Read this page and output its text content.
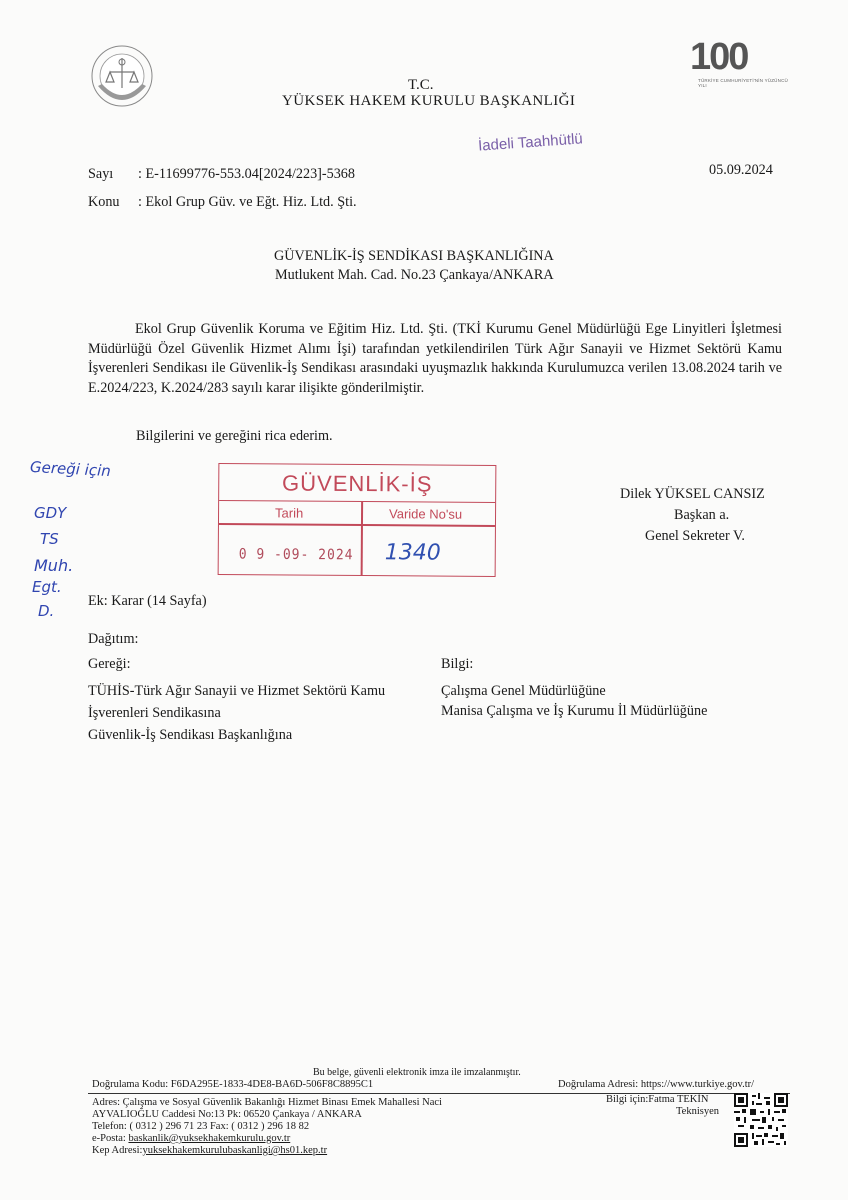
100
TÜRKİYE CUMHURİYETİ'NİN YÜZÜNCÜ YILI
T.C.
YÜKSEK HAKEM KURULU BAŞKANLIĞI
İadeli Taahhütlü
Sayı : E-11699776-553.04[2024/223]-5368	05.09.2024
Konu : Ekol Grup Güv. ve Eğt. Hiz. Ltd. Şti.
GÜVENLİK-İŞ SENDİKASI BAŞKANLIĞINA
Mutlukent Mah. Cad. No.23 Çankaya/ANKARA
Ekol Grup Güvenlik Koruma ve Eğitim Hiz. Ltd. Şti. (TKİ Kurumu Genel Müdürlüğü Ege Linyitleri İşletmesi Müdürlüğü Özel Güvenlik Hizmet Alımı İşi) tarafından yetkilendirilen Türk Ağır Sanayii ve Hizmet Sektörü Kamu İşverenleri Sendikası ile Güvenlik-İş Sendikası arasındaki uyuşmazlık hakkında Kurulumuzca verilen 13.08.2024 tarih ve E.2024/223, K.2024/283 sayılı karar ilişikte gönderilmiştir.
Bilgilerini ve gereğini rica ederim.
Gereği için
GDY
TS
Muh.
Egt.
D.
GÜVENLİK-İŞ
Tarih	Varide No'su
0 9 -09- 2024 1340
Dilek YÜKSEL CANSIZ
Başkan a.
Genel Sekreter V.
Ek: Karar (14 Sayfa)
Dağıtım:
Gereği:
TÜHİS-Türk Ağır Sanayii ve Hizmet Sektörü Kamu
İşverenleri Sendikasına
Güvenlik-İş Sendikası Başkanlığına
Bilgi:
Çalışma Genel Müdürlüğüne
Manisa Çalışma ve İş Kurumu İl Müdürlüğüne
Bu belge, güvenli elektronik imza ile imzalanmıştır.
Doğrulama Kodu: F6DA295E-1833-4DE8-BA6D-506F8C8895C1	Doğrulama Adresi: https://www.turkiye.gov.tr/
Adres: Çalışma ve Sosyal Güvenlik Bakanlığı Hizmet Binası Emek Mahallesi Naci
AYVALIOĞLU Caddesi No:13 Pk: 06520 Çankaya / ANKARA
Telefon: ( 0312 ) 296 71 23 Fax: ( 0312 ) 296 18 82
e-Posta: baskanlik@yuksekhakemkurulu.gov.tr
Kep Adresi:yuksekhakemkurulubaskanligi@hs01.kep.tr
Bilgi için:Fatma TEKİN
Teknisyen
